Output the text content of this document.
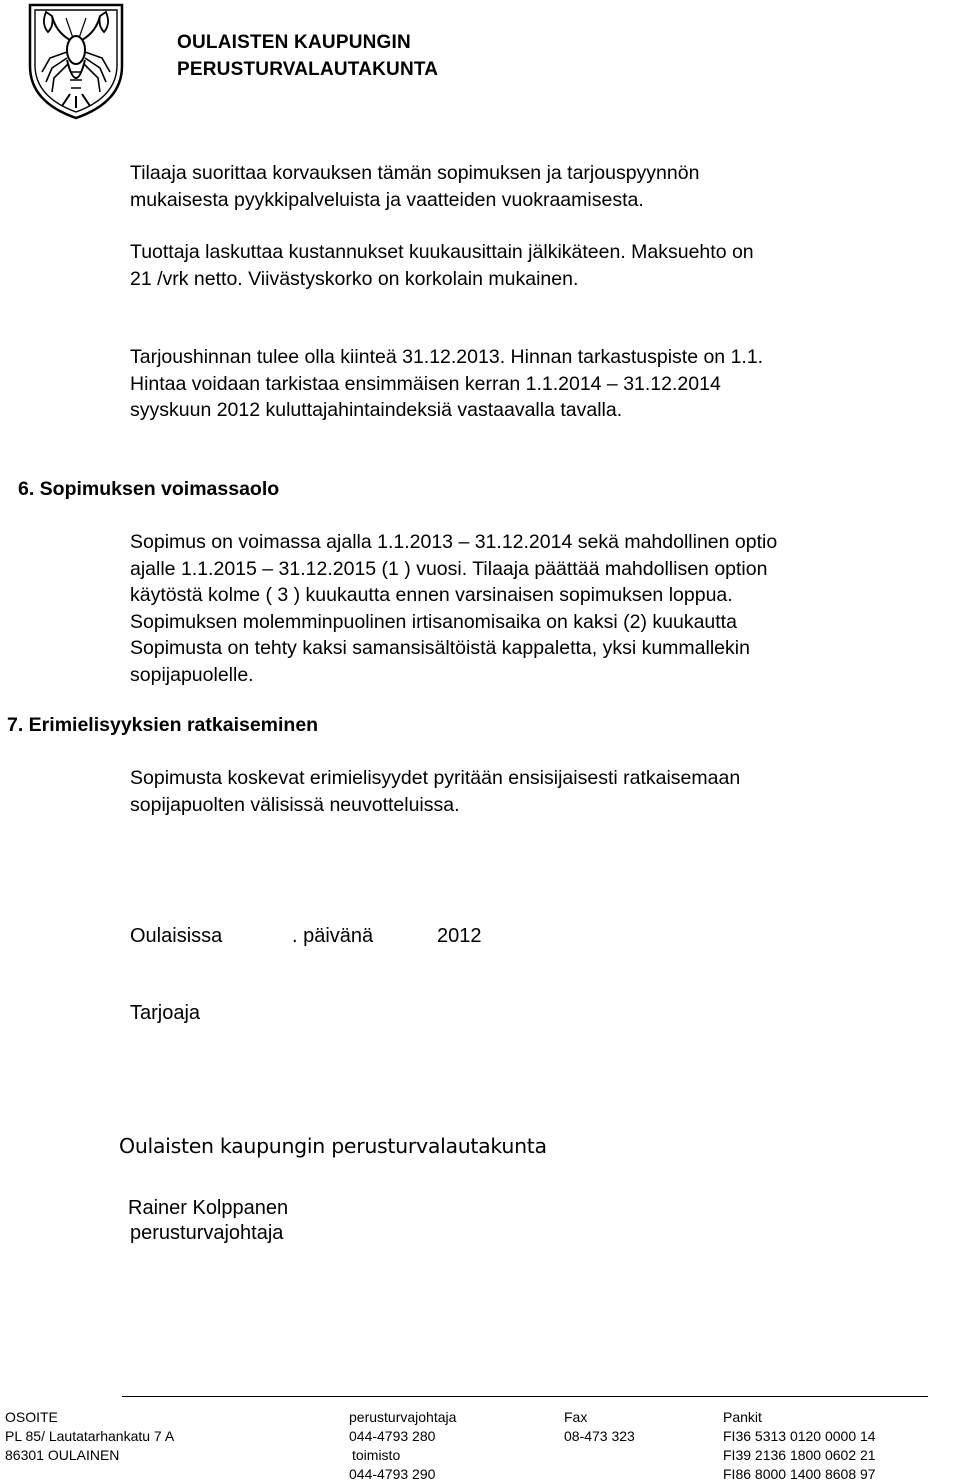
OULAISTEN KAUPUNGIN
PERUSTURVALAUTAKUNTA
Tilaaja suorittaa korvauksen tämän sopimuksen ja tarjouspyynnön
mukaisesta pyykkipalveluista ja vaatteiden vuokraamisesta.
Tuottaja laskuttaa kustannukset kuukausittain jälkikäteen. Maksuehto on
21 /vrk netto. Viivästyskorko on korkolain mukainen.
Tarjoushinnan tulee olla kiinteä 31.12.2013. Hinnan tarkastuspiste on 1.1.
Hintaa voidaan tarkistaa ensimmäisen kerran 1.1.2014 – 31.12.2014
syyskuun 2012 kuluttajahintaindeksiä vastaavalla tavalla.
6. Sopimuksen voimassaolo
Sopimus on voimassa ajalla 1.1.2013 – 31.12.2014 sekä mahdollinen optio
ajalle 1.1.2015 – 31.12.2015 (1 ) vuosi. Tilaaja päättää mahdollisen option
käytöstä kolme ( 3 ) kuukautta ennen varsinaisen sopimuksen loppua.
Sopimuksen molemminpuolinen irtisanomisaika on kaksi (2) kuukautta
Sopimusta on tehty kaksi samansisältöistä kappaletta, yksi kummallekin
sopijapuolelle.
7. Erimielisyyksien ratkaiseminen
Sopimusta koskevat erimielisyydet pyritään ensisijaisesti ratkaisemaan
sopijapuolten välisissä neuvotteluissa.
Oulaisissa	. päivänä	2012
Tarjoaja
Oulaisten kaupungin perusturvalautakunta
Rainer Kolppanen
perusturvajohtaja
OSOITE
PL 85/ Lautatarhankatu 7 A
86301 OULAINEN
perusturvajohtaja
044-4793 280
toimisto
044-4793 290
Fax
08-473 323
Pankit
FI36 5313 0120 0000 14
FI39 2136 1800 0602 21
FI86 8000 1400 8608 97
